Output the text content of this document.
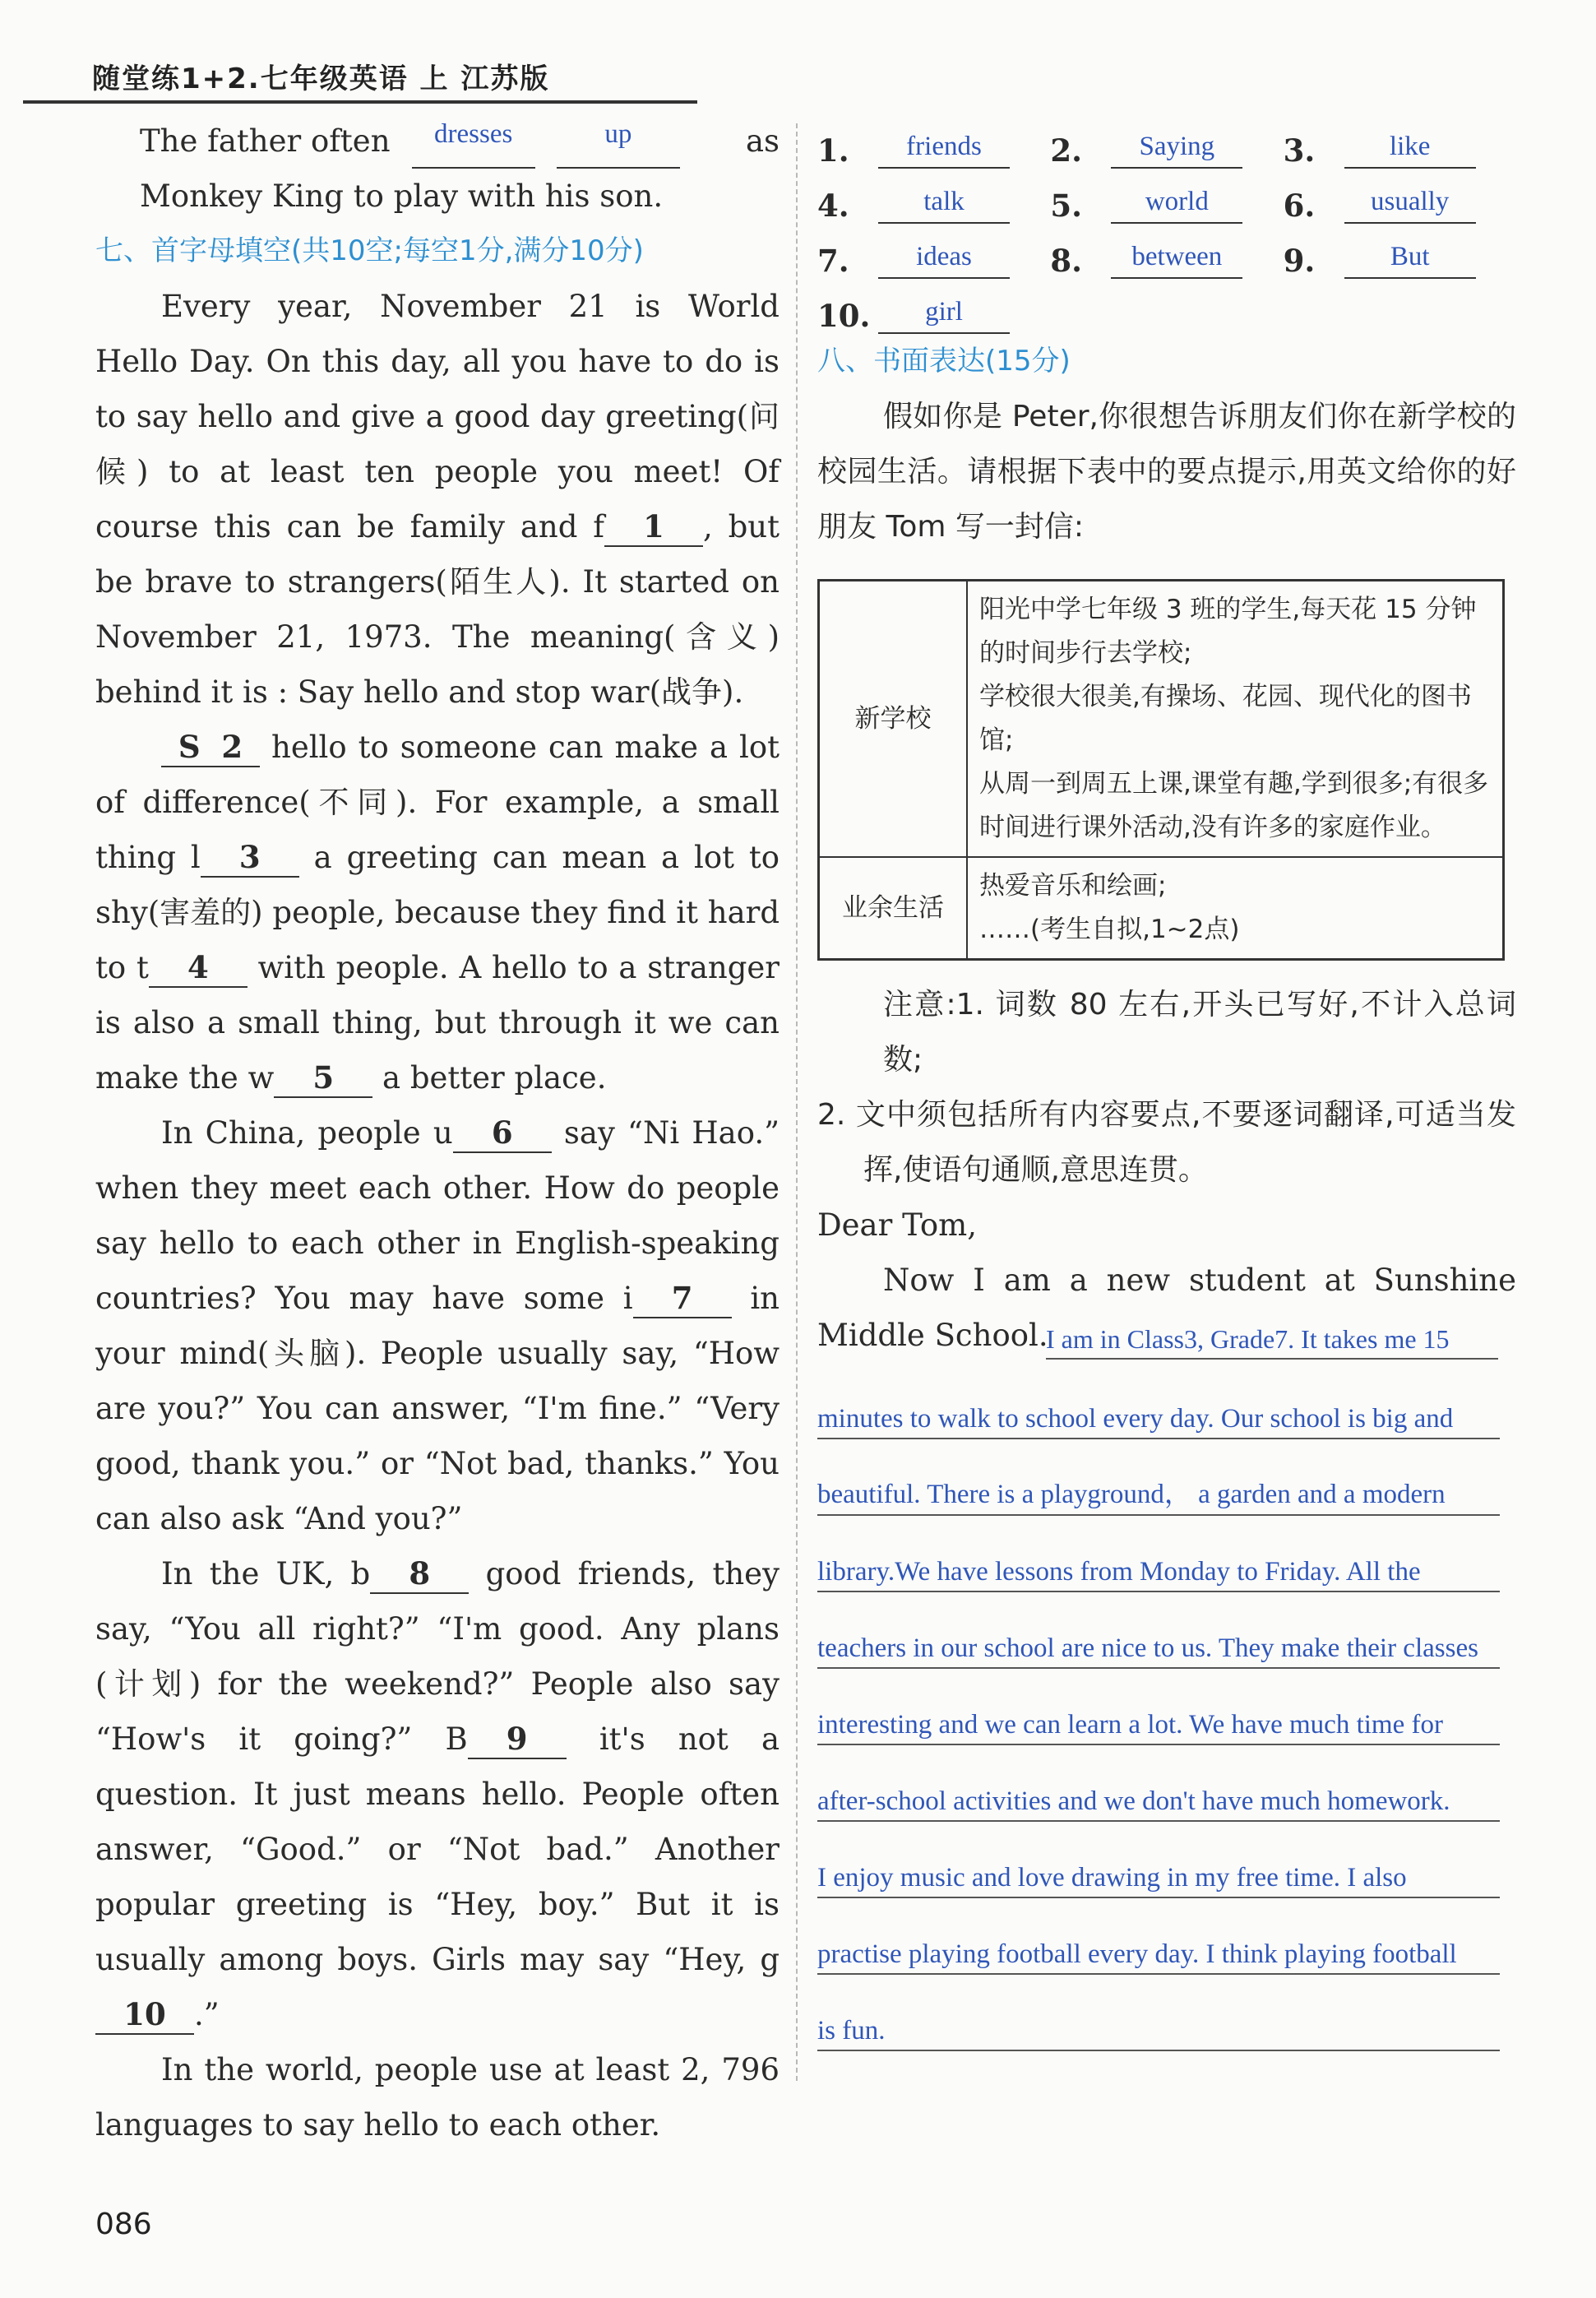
随堂练1+2.七年级英语 上 江苏版

The father often	dresses	up	as

Monkey King to play with his son.

七、首字母填空(共10空;每空1分,满分10分)

Every year, November 21 is World Hello Day. On this day, all you have to do is to say hello and give a good day greeting(问候) to at least ten people you meet! Of course this can be family and f 1 , but be brave to strangers(陌生人). It started on November 21, 1973. The meaning(含义) behind it is : Say hello and stop war(战争).

S 2 hello to someone can make a lot of difference(不同). For example, a small thing l 3 a greeting can mean a lot to shy(害羞的) people, because they find it hard to t 4 with people. A hello to a stranger is also a small thing, but through it we can make the w 5 a better place.

In China, people u 6 say “Ni Hao.” when they meet each other. How do people say hello to each other in English-speaking countries? You may have some i 7 in your mind(头脑). People usually say, “How are you?” You can answer, “I'm fine.” “Very good, thank you.” or “Not bad, thanks.” You can also ask “And you?”

In the UK, b 8 good friends, they say, “You all right?” “I'm good. Any plans (计划) for the weekend?” People also say “How's it going?” B 9 it's not a question. It just means hello. People often answer, “Good.” or “Not bad.” Another popular greeting is “Hey, boy.” But it is usually among boys. Girls may say “Hey, g10 .”

In the world, people use at least 2, 796 languages to say hello to each other.

1.	friends	2.	Saying	3.	like
4.	talk	5.	world	6.	usually
7.	ideas	8.	between	9.	But
10.	girl

八、书面表达(15分)

假如你是 Peter,你很想告诉朋友们你在新学校的校园生活。请根据下表中的要点提示,用英文给你的好朋友 Tom 写一封信:

新学校	阳光中学七年级 3 班的学生,每天花 15 分钟的时间步行去学校;
学校很大很美,有操场、花园、现代化的图书馆;
从周一到周五上课,课堂有趣,学到很多;有很多时间进行课外活动,没有许多的家庭作业。

业余生活	热爱音乐和绘画;
……(考生自拟,1~2点)

注意:1. 词数 80 左右,开头已写好,不计入总词数;

2. 文中须包括所有内容要点,不要逐词翻译,可适当发挥,使语句通顺,意思连贯。

Dear Tom,

Now I am a new student at Sunshine Middle School.

I am in Class3, Grade7. It takes me 15
minutes to walk to school every day. Our school is big and
beautiful. There is a playground， a garden and a modern
library.We have lessons from Monday to Friday. All the
teachers in our school are nice to us. They make their classes
interesting and we can learn a lot. We have much time for
after-school activities and we don't have much homework.
I enjoy music and love drawing in my free time. I also
practise playing football every day. I think playing football
is fun.
086
